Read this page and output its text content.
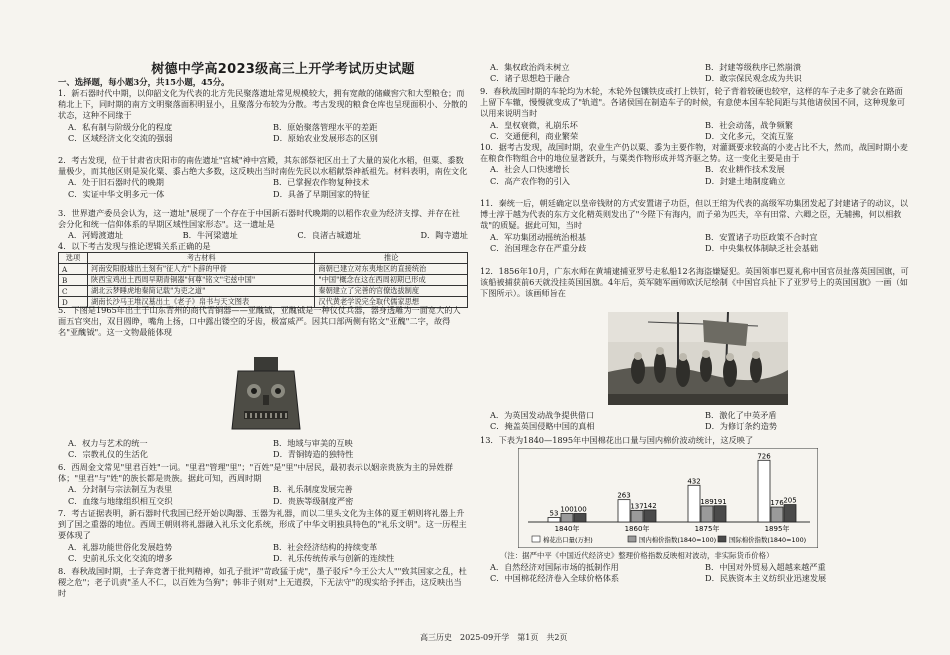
树德中学高2023级高三上开学考试历史试题
一、选择题，每小题3分，共15小题，45分。
1．新石器时代中期，以仰韶文化为代表的北方先民聚落遗址常见规模较大，拥有宽敞的储藏窖穴和大型粮仓；而稍北上下，同时期的南方文明聚落面积明显小，且聚落分布较为分散。考古发现的粮食仓库也呈现面积小、分散的状态，这种不同缘于
A．私有制与阶级分化的程度	B．原始聚落管理水平的差距
C．区域经济文化交流的强弱	D．原始农业发展形态的区别
2．考古发现，位于甘肃省庆阳市的南佐遗址"宫城"神中宫殿，其东部祭祀区出土了大量的炭化水稻，但粟、黍数量极少，而其他区则是炭化粟、黍占绝大多数，这反映出当时南佐先民以水稻献祭神祇祖先。材料表明，南佐文化
A．处于旧石器时代的晚期	B．已掌握农作物复种技术
C．实证中华文明多元一体	D．具备了早期国家的特征
3．世界遗产委员会认为，这一遗址"展现了一个存在于中国新石器时代晚期的以稻作农业为经济支撑、并存在社会分化和统一信仰体系的早期区域性国家形态"。这一遗址是
A．河姆渡遗址	B．牛河梁遗址	C．良渚古城遗址	D．陶寺遗址
4．以下考古发现与推论逻辑关系正确的是
选项	考古材料	推论
A	河南安阳殷墟出土刻有"征人方"卜辞的甲骨	商朝已建立对东夷地区的直接统治
B	陕西宝鸡出土西周早期青铜器"何尊"铭文"宅兹中国"	"中国"概念在这在西周初期已形成
C	湖北云梦睡虎地秦简记载"为吏之道"	秦朝建立了完善的官僚选拔制度
D	湖南长沙马王堆汉墓出土《老子》帛书与天文图表	汉代黄老学说完全取代儒家思想
5．下图是1965年出土于山东青州的商代青铜器——亚醜钺，亚醜钺是一种仪仗兵器，器身透雕为一面宽大的人面五官突出，双目圆睁，嘴角上扬，口中露出镂空的牙齿，极富威严。因其口部两侧有铭文"亚醜"二字，故得名"亚醜钺"。这一文物最能体现
A．权力与艺术的统一	B．地域与审美的互映
C．宗教礼仪的生活化	D．青铜铸造的独特性
6．西周金文常见"里君百姓"一词。"里君"管理"里"；"百姓"是"里"中居民，最初表示以姻亲贵族为主的异姓群体；"里君"与"姓"的族长都是贵族。据此可知，西周时期
A．分封制与宗法制互为表里	B．礼乐制度发展完善
C．血缘与地缘组织相互交织	D．贵族等级制度严密
7．考古证据表明，新石器时代我国已经开始以陶器、玉器为礼器，而以二里头文化为主体的夏王朝则将礼器上升到了国之重器的地位。西周王朝则将礼器融入礼乐文化系统，形成了中华文明独具特色的"礼乐文明"。这一历程主要体现了
A．礼器功能世俗化发展趋势	B．社会经济结构的持续变革
C．史前礼乐文化交流的增多	D．礼乐传统传承与创新的连续性
8．春秋战国时期，士子奔竞著于批判精神，如孔子批评"苛政猛于虎"，墨子驳斥"今王公大人""致其国家之乱，杜稷之危"；老子讥责"圣人不仁，以百姓为刍狗"；韩非子则对"上无道揆，下无法守"的现实给予抨击，这反映出当时
A．集权政治尚未树立	B．封建等级秩序已然崩溃
C．诸子思想趋于融合	D．敢宗保民观念成为共识
9．春秋战国时期的车轮均为木轮，木轮外包镶铁皮或打上铁钉，轮子背着较硬也较窄，这样的车子走多了就会在路面上留下车辙，慢慢就变成了"轨道"。各诸侯国在制造车子的时候，有意使本国车轮间距与其他诸侯国不同，这种现象可以用来说明当时
A．皇权衰微，礼崩乐坏	B．社会动荡，战争频繁
C．交通便利，商业繁荣	D．文化多元，交流互鉴
10．据考古发现，战国时期，农业生产仍以粟、黍为主要作物，对灌溉要求较高的小麦占比不大，然而，战国时期小麦在粮食作物组合中的地位显著跃升，与粟类作物形成并驾齐驱之势。这一变化主要是由于
A．社会人口快速增长	B．农业耕作技术发展
C．高产农作物的引入	D．封建土地制度确立
11．秦统一后，朝廷确定以皇帝钱财的方式安置诸子功臣，但以王绾为代表的高级军功集团发起了封建诸子的动议，以博士淳于越为代表的东方文化精英则发出了"今陛下有海内，而子弟为匹夫，卒有田常、六卿之臣，无辅拂，何以相救哉"的质疑。据此可知，当时
A．军功集团动摇统治根基	B．安置诸子功臣政策不合时宜
C．治国理念存在严重分歧	D．中央集权体制缺乏社会基础
12．1856年10月，广东水师在黄埔逮捕亚罗号走私船12名海盗嫌疑犯。英国领事巴夏礼称中国官员扯落英国国旗，可该船被捕获前6天就没挂英国国旗。4年后，英军随军画师欧沃尼绘制《中国官兵扯下了亚罗号上的英国国旗》一画（如下图所示）。该画师旨在
A．为英国发动战争提供借口	B．激化了中英矛盾
C．掩盖英国侵略中国的真相	D．为修订条约造势
13．下表为1840—1895年中国棉花出口量与国内棉价波动统计，这反映了
53 100 100
263
137 142
432
189 191
726
176 205
1840年	1860年	1875年	1895年
棉花出口量(万担)	国内棉价指数(1840=100) 国际棉价指数(1840=100)
（注：据严中平《中国近代经济史》整理价格指数反映相对波动，非实际货币价格）
A．自然经济对国际市场的抵制作用	B．中国对外贸易入超越来越严重
C．中国棉花经济卷入全球价格体系	D．民族资本主义纺织业迅速发展
高三历史　2025-09开学　第1页　共2页
